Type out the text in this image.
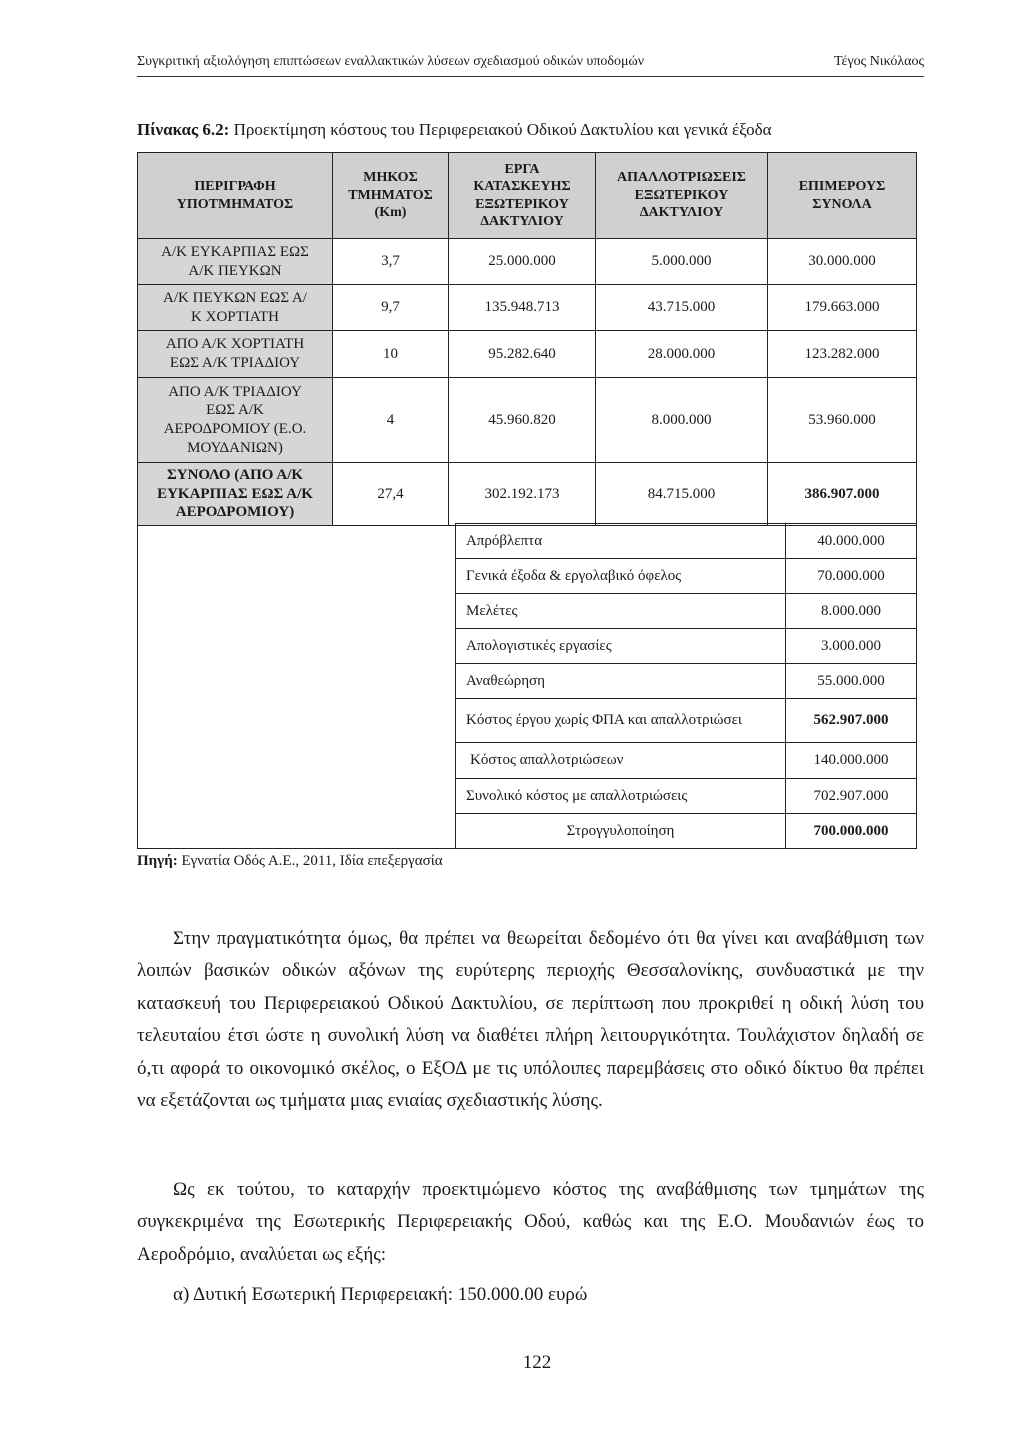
Συγκριτική αξιολόγηση επιπτώσεων εναλλακτικών λύσεων σχεδιασμού οδικών υποδομών	Τέγος Νικόλαος
Πίνακας 6.2: Προεκτίμηση κόστους του Περιφερειακού Οδικού Δακτυλίου και γενικά έξοδα
ΠΕΡΙΓΡΑΦΗ ΥΠΟΤΜΗΜΑΤΟΣ	ΜΗΚΟΣ ΤΜΗΜΑΤΟΣ (Km)	ΕΡΓΑ ΚΑΤΑΣΚΕΥΗΣ ΕΞΩΤΕΡΙΚΟΥ ΔΑΚΤΥΛΙΟΥ	ΑΠΑΛΛΟΤΡΙΩΣΕΙΣ ΕΞΩΤΕΡΙΚΟΥ ΔΑΚΤΥΛΙΟΥ	ΕΠΙΜΕΡΟΥΣ ΣΥΝΟΛΑ
Α/Κ ΕΥΚΑΡΠΙΑΣ ΕΩΣ Α/Κ ΠΕΥΚΩΝ	3,7	25.000.000	5.000.000	30.000.000
Α/Κ ΠΕΥΚΩΝ ΕΩΣ Α/Κ ΧΟΡΤΙΑΤΗ	9,7	135.948.713	43.715.000	179.663.000
ΑΠΟ Α/Κ ΧΟΡΤΙΑΤΗ ΕΩΣ Α/Κ ΤΡΙΑΔΙΟΥ	10	95.282.640	28.000.000	123.282.000
ΑΠΟ Α/Κ ΤΡΙΑΔΙΟΥ ΕΩΣ Α/Κ ΑΕΡΟΔΡΟΜΙΟΥ (Ε.Ο. ΜΟΥΔΑΝΙΩΝ)	4	45.960.820	8.000.000	53.960.000
ΣΥΝΟΛΟ (ΑΠΟ Α/Κ ΕΥΚΑΡΠΙΑΣ ΕΩΣ Α/Κ ΑΕΡΟΔΡΟΜΙΟΥ)	27,4	302.192.173	84.715.000	386.907.000
	Απρόβλεπτα	40.000.000
	Γενικά έξοδα & εργολαβικό όφελος	70.000.000
	Μελέτες	8.000.000
	Απολογιστικές εργασίες	3.000.000
	Αναθεώρηση	55.000.000
	Κόστος έργου χωρίς ΦΠΑ και απαλλοτριώσει	562.907.000
	Κόστος απαλλοτριώσεων	140.000.000
	Συνολικό κόστος με απαλλοτριώσεις	702.907.000
	Στρογγυλοποίηση	700.000.000
Πηγή: Εγνατία Οδός Α.Ε., 2011, Ιδία επεξεργασία

Στην πραγματικότητα όμως, θα πρέπει να θεωρείται δεδομένο ότι θα γίνει και αναβάθμιση των λοιπών βασικών οδικών αξόνων της ευρύτερης περιοχής Θεσσαλονίκης, συνδυαστικά με την κατασκευή του Περιφερειακού Οδικού Δακτυλίου, σε περίπτωση που προκριθεί η οδική λύση του τελευταίου έτσι ώστε η συνολική λύση να διαθέτει πλήρη λειτουργικότητα. Τουλάχιστον δηλαδή σε ό,τι αφορά το οικονομικό σκέλος, ο ΕξΟΔ με τις υπόλοιπες παρεμβάσεις στο οδικό δίκτυο θα πρέπει να εξετάζονται ως τμήματα μιας ενιαίας σχεδιαστικής λύσης.

Ως εκ τούτου, το καταρχήν προεκτιμώμενο κόστος της αναβάθμισης των τμημάτων της συγκεκριμένα της Εσωτερικής Περιφερειακής Οδού, καθώς και της Ε.Ο. Μουδανιών έως το Αεροδρόμιο, αναλύεται ως εξής:

α) Δυτική Εσωτερική Περιφερειακή: 150.000.00 ευρώ

122
